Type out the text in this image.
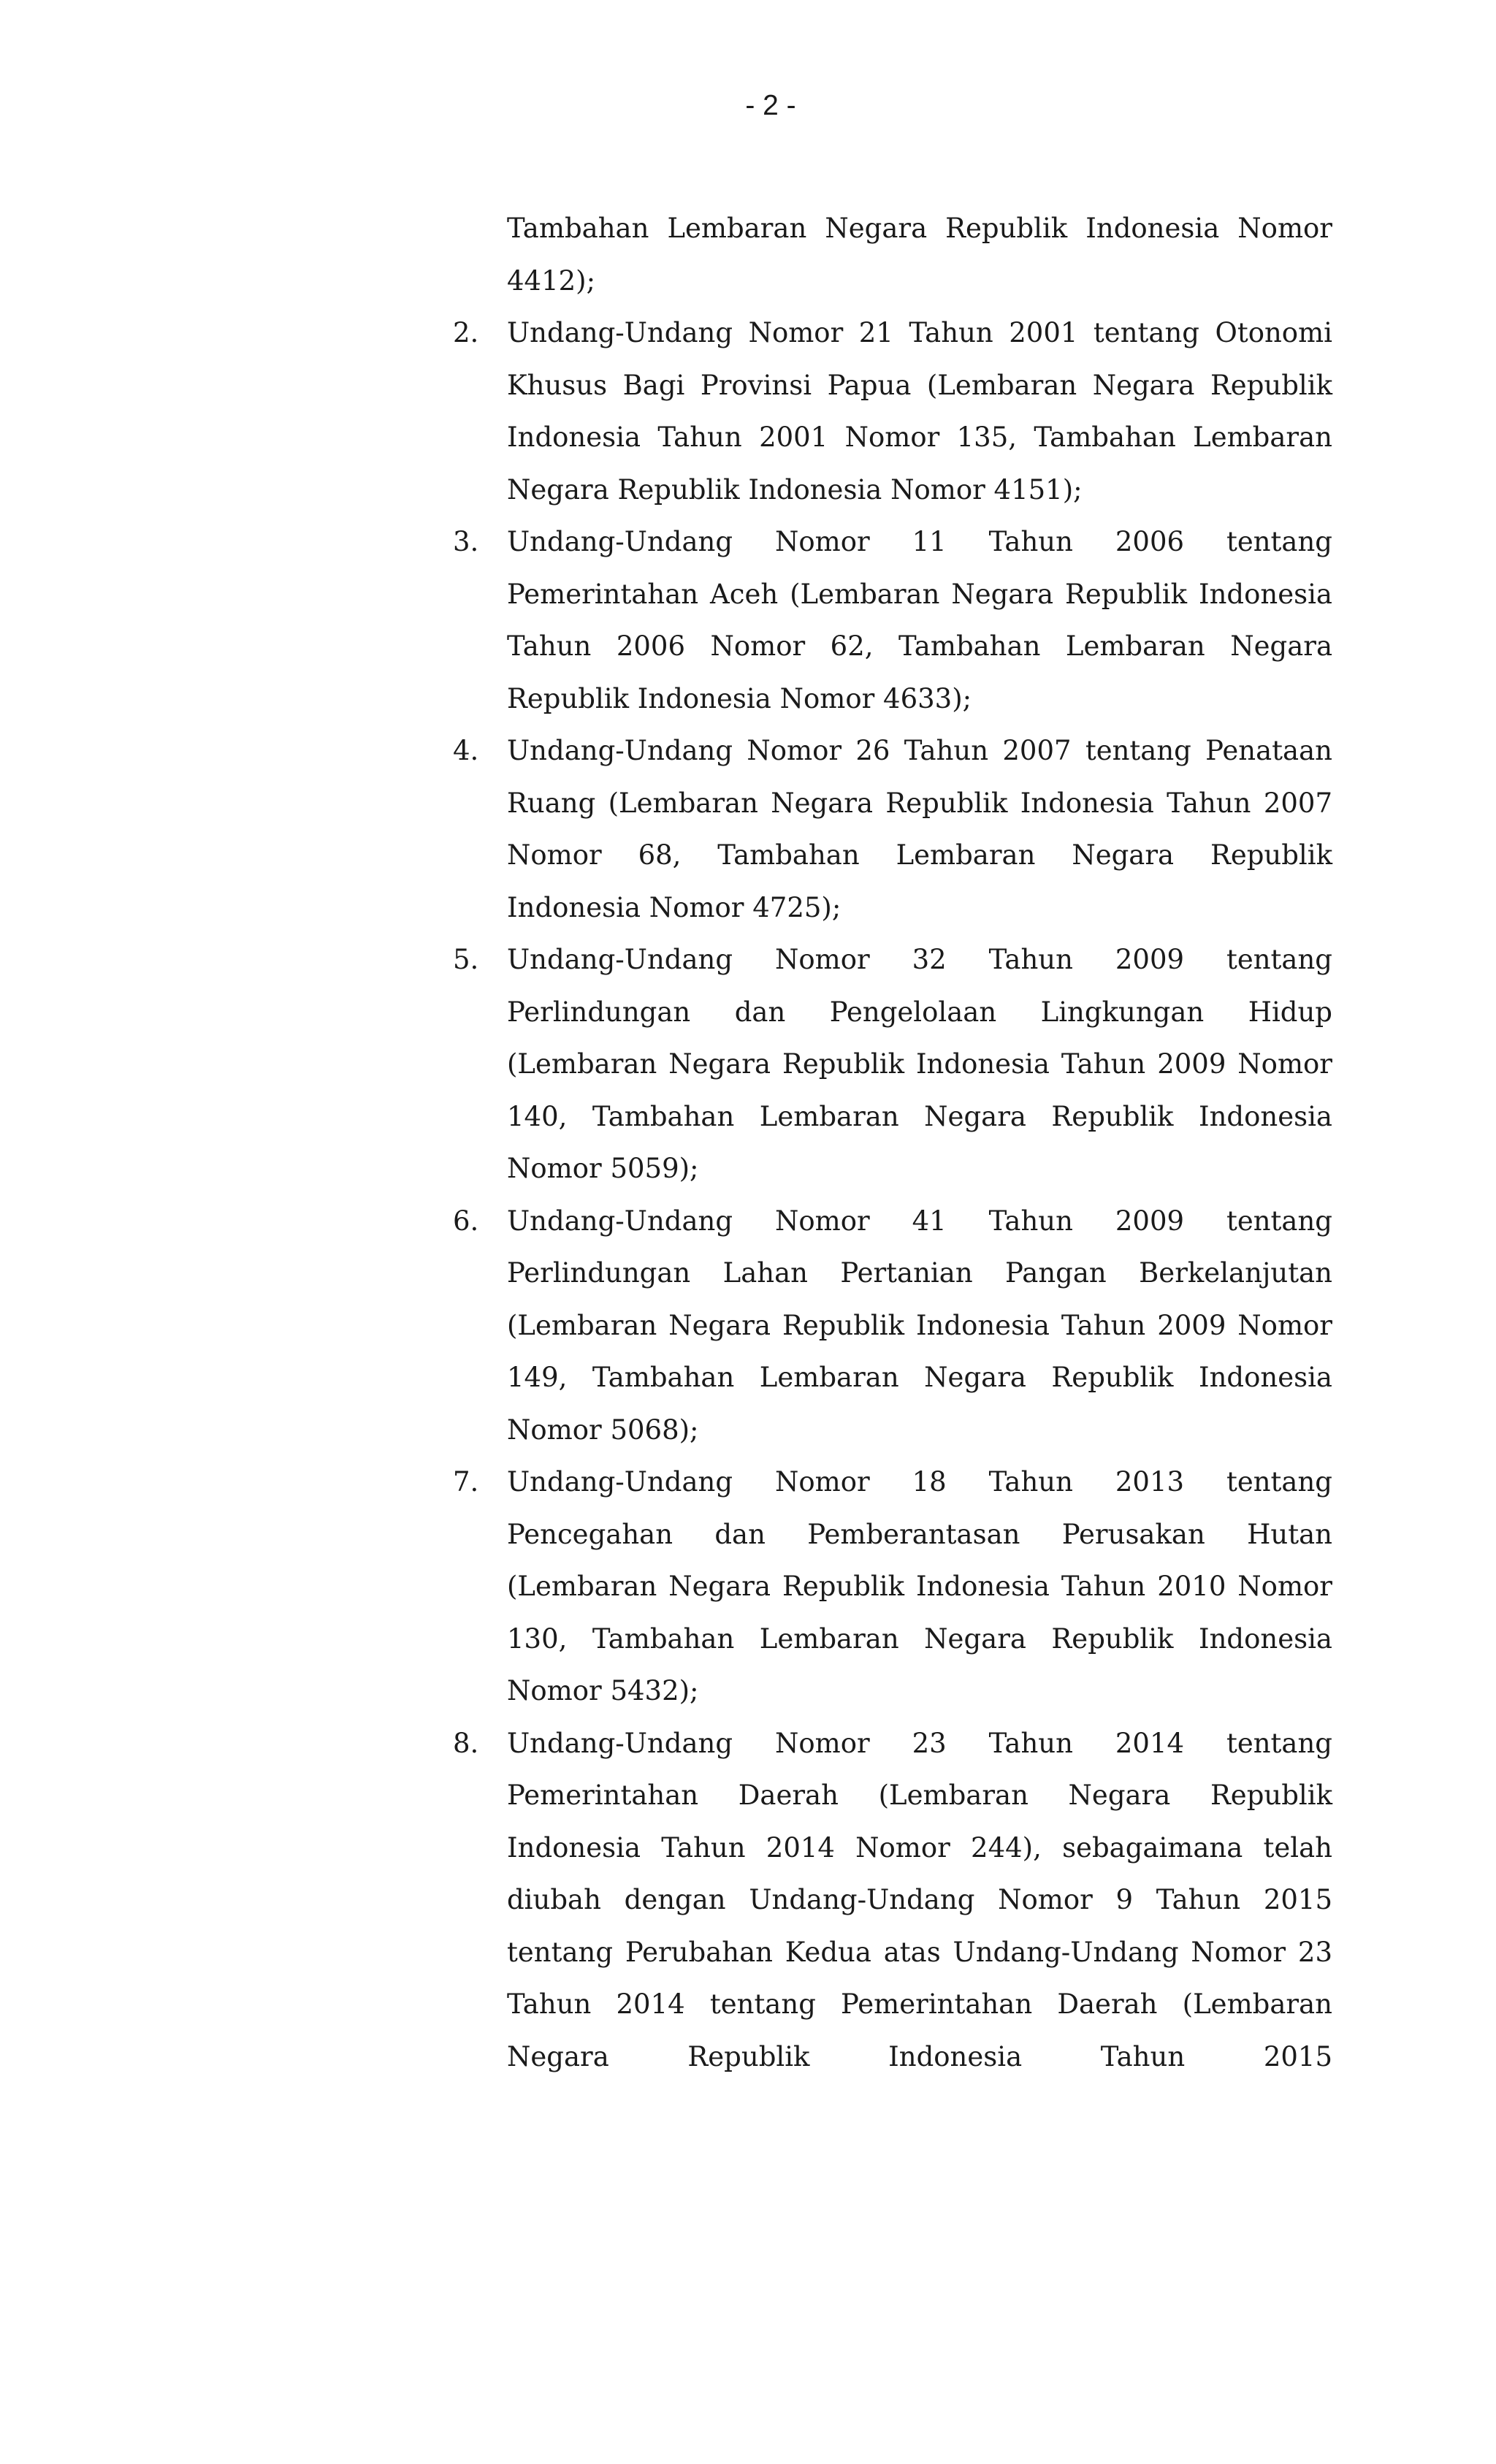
- 2 -

Tambahan Lembaran Negara Republik Indonesia Nomor 4412);

2. Undang-Undang Nomor 21 Tahun 2001 tentang Otonomi Khusus Bagi Provinsi Papua (Lembaran Negara Republik Indonesia Tahun 2001 Nomor 135, Tambahan Lembaran Negara Republik Indonesia Nomor 4151);
3. Undang-Undang Nomor 11 Tahun 2006 tentang Pemerintahan Aceh (Lembaran Negara Republik Indonesia Tahun 2006 Nomor 62, Tambahan Lembaran Negara Republik Indonesia Nomor 4633);
4. Undang-Undang Nomor 26 Tahun 2007 tentang Penataan Ruang (Lembaran Negara Republik Indonesia Tahun 2007 Nomor 68, Tambahan Lembaran Negara Republik Indonesia Nomor 4725);
5. Undang-Undang Nomor 32 Tahun 2009 tentang Perlindungan dan Pengelolaan Lingkungan Hidup (Lembaran Negara Republik Indonesia Tahun 2009 Nomor 140, Tambahan Lembaran Negara Republik Indonesia Nomor 5059);
6. Undang-Undang Nomor 41 Tahun 2009 tentang Perlindungan Lahan Pertanian Pangan Berkelanjutan (Lembaran Negara Republik Indonesia Tahun 2009 Nomor 149, Tambahan Lembaran Negara Republik Indonesia Nomor 5068);
7. Undang-Undang Nomor 18 Tahun 2013 tentang Pencegahan dan Pemberantasan Perusakan Hutan (Lembaran Negara Republik Indonesia Tahun 2010 Nomor 130, Tambahan Lembaran Negara Republik Indonesia Nomor 5432);
8. Undang-Undang Nomor 23 Tahun 2014 tentang Pemerintahan Daerah (Lembaran Negara Republik Indonesia Tahun 2014 Nomor 244), sebagaimana telah diubah dengan Undang-Undang Nomor 9 Tahun 2015 tentang Perubahan Kedua atas Undang-Undang Nomor 23 Tahun 2014 tentang Pemerintahan Daerah (Lembaran Negara Republik Indonesia Tahun 2015
